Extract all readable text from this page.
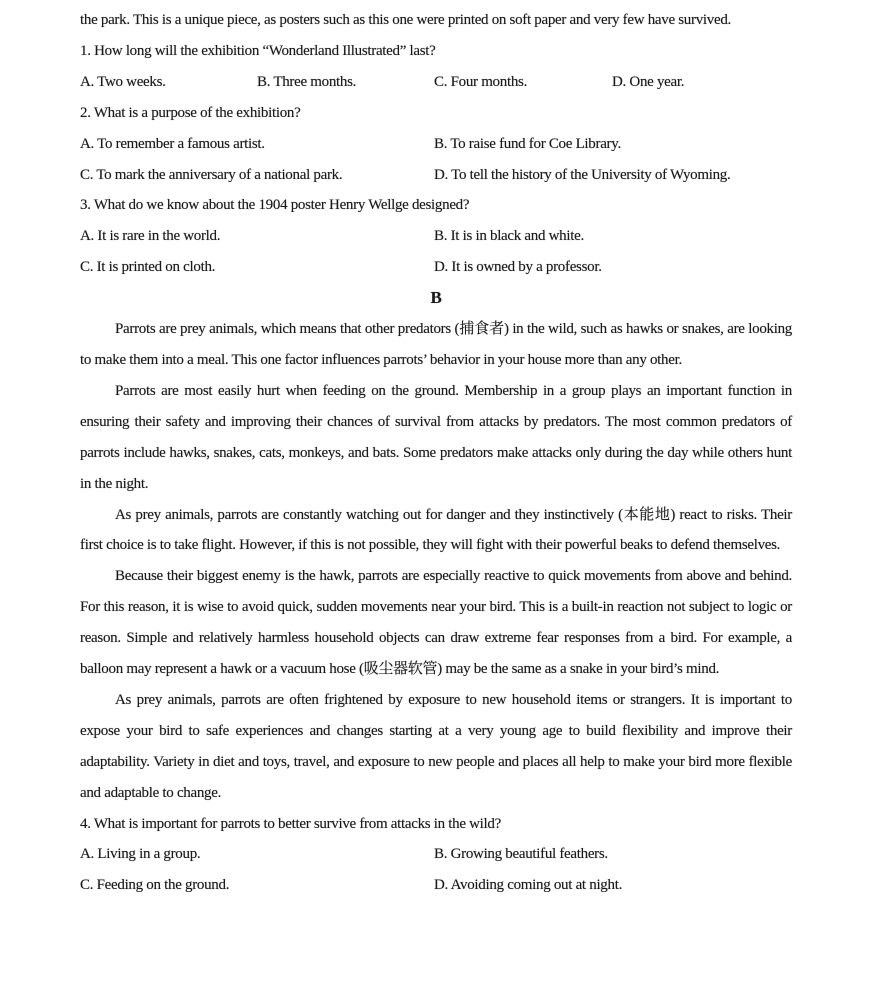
the park. This is a unique piece, as posters such as this one were printed on soft paper and very few have survived.

1. How long will the exhibition “Wonderland Illustrated” last?

A. Two weeks.	B. Three months.	C. Four months.	D. One year.

2. What is a purpose of the exhibition?

A. To remember a famous artist.	B. To raise fund for Coe Library.
C. To mark the anniversary of a national park.	D. To tell the history of the University of Wyoming.

3. What do we know about the 1904 poster Henry Wellge designed?

A. It is rare in the world.	B. It is in black and white.
C. It is printed on cloth.	D. It is owned by a professor.
B

Parrots are prey animals, which means that other predators (捕食者) in the wild, such as hawks or snakes, are looking to make them into a meal. This one factor influences parrots’ behavior in your house more than any other.

Parrots are most easily hurt when feeding on the ground. Membership in a group plays an important function in ensuring their safety and improving their chances of survival from attacks by predators. The most common predators of parrots include hawks, snakes, cats, monkeys, and bats. Some predators make attacks only during the day while others hunt in the night.

As prey animals, parrots are constantly watching out for danger and they instinctively (本能地) react to risks. Their first choice is to take flight. However, if this is not possible, they will fight with their powerful beaks to defend themselves.

Because their biggest enemy is the hawk, parrots are especially reactive to quick movements from above and behind. For this reason, it is wise to avoid quick, sudden movements near your bird. This is a built-in reaction not subject to logic or reason. Simple and relatively harmless household objects can draw extreme fear responses from a bird. For example, a balloon may represent a hawk or a vacuum hose (吸尘器软管) may be the same as a snake in your bird’s mind.

As prey animals, parrots are often frightened by exposure to new household items or strangers. It is important to expose your bird to safe experiences and changes starting at a very young age to build flexibility and improve their adaptability. Variety in diet and toys, travel, and exposure to new people and places all help to make your bird more flexible and adaptable to change.

4. What is important for parrots to better survive from attacks in the wild?

A. Living in a group.	B. Growing beautiful feathers.
C. Feeding on the ground.	D. Avoiding coming out at night.
